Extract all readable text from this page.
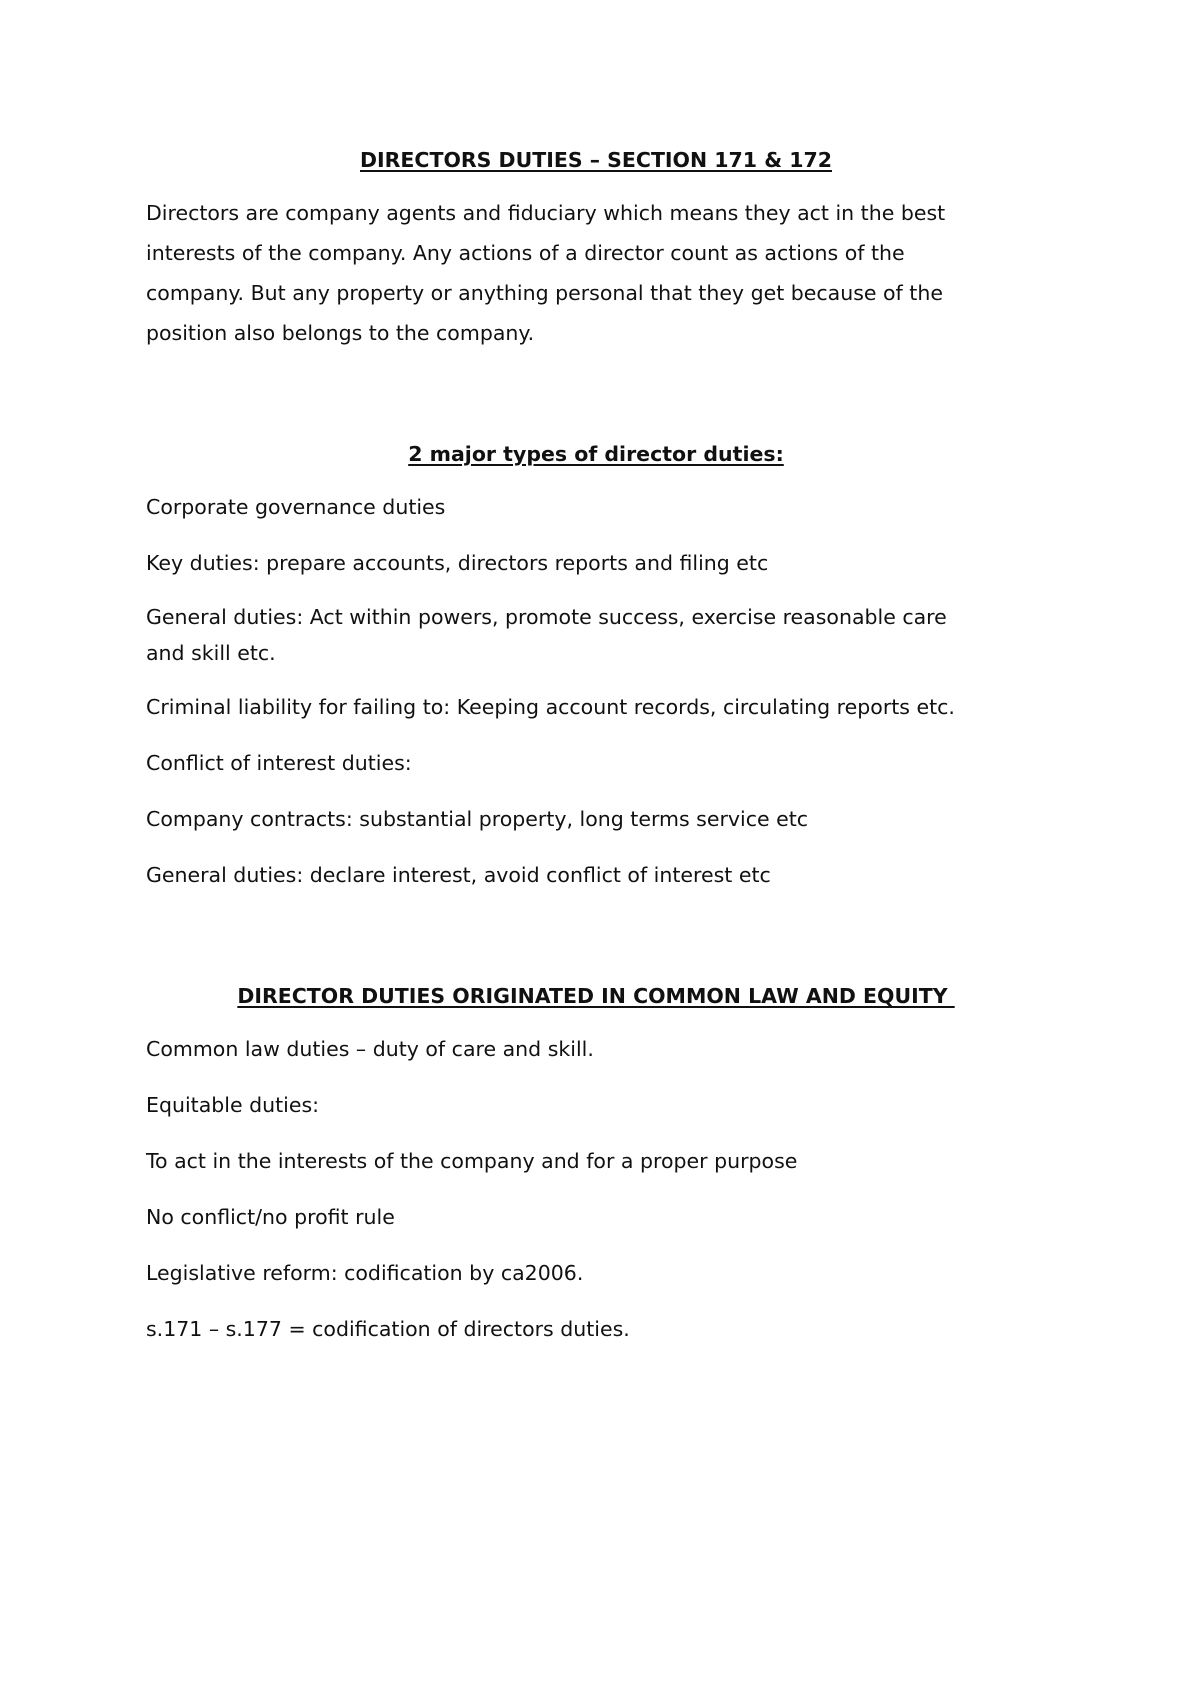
DIRECTORS DUTIES – SECTION 171 & 172

Directors are company agents and fiduciary which means they act in the best

interests of the company. Any actions of a director count as actions of the

company. But any property or anything personal that they get because of the

position also belongs to the company.

2 major types of director duties:

Corporate governance duties

Key duties: prepare accounts, directors reports and filing etc

General duties: Act within powers, promote success, exercise reasonable care

and skill etc.

Criminal liability for failing to: Keeping account records, circulating reports etc.

Conflict of interest duties:

Company contracts: substantial property, long terms service etc

General duties: declare interest, avoid conflict of interest etc

DIRECTOR DUTIES ORIGINATED IN COMMON LAW AND EQUITY

Common law duties – duty of care and skill.

Equitable duties:

To act in the interests of the company and for a proper purpose

No conflict/no profit rule

Legislative reform: codification by ca2006.

s.171 – s.177 = codification of directors duties.
